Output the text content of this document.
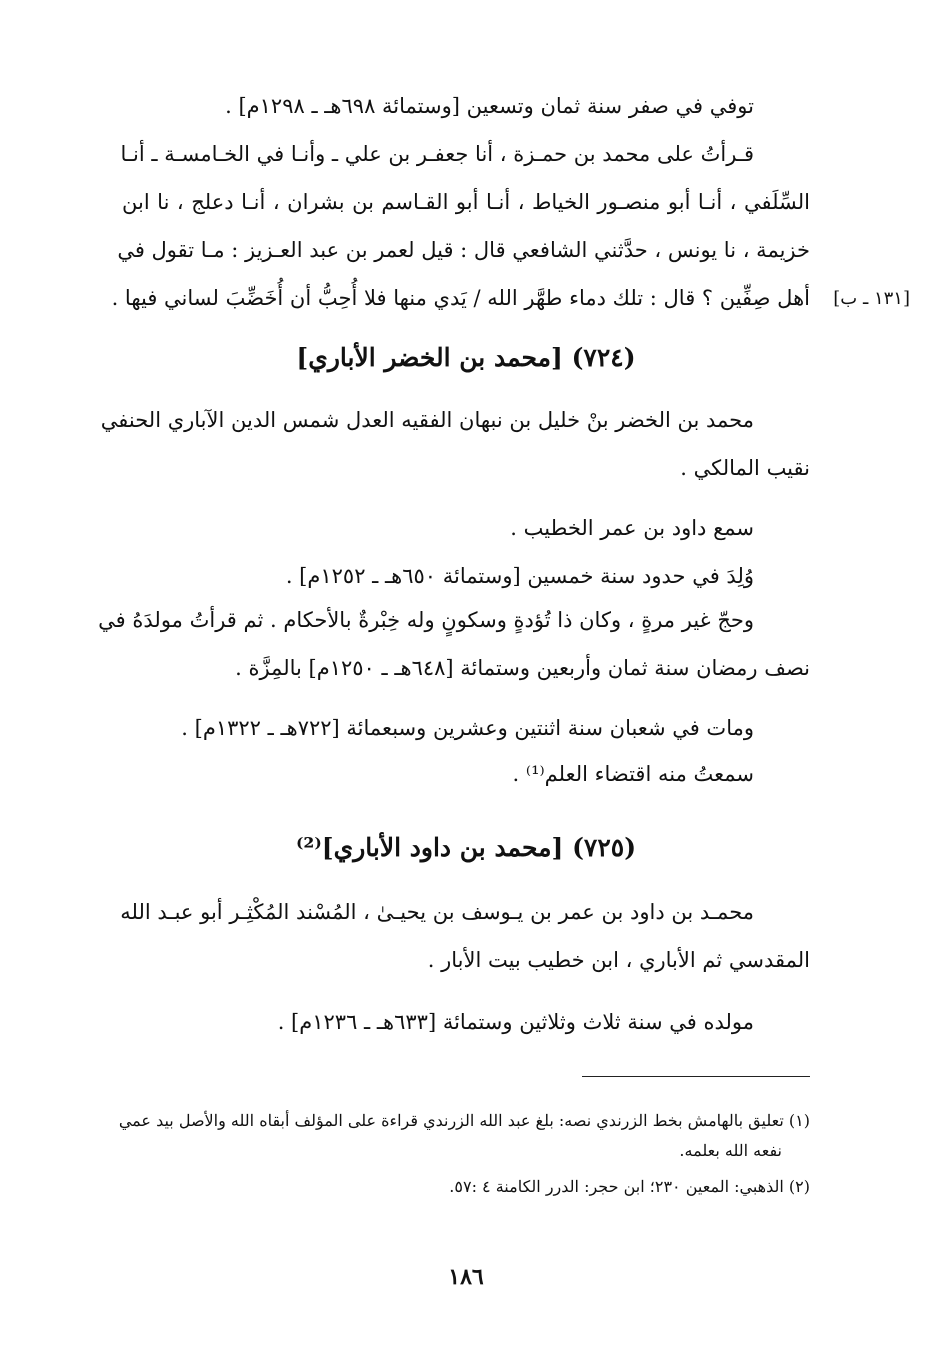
توفي في صفر سنة ثمان وتسعين [وستمائة ٦٩٨هـ ـ ١٢٩٨م] .
قـرأتُ على محمد بن حمـزة ، أنا جعفـر بن علي ـ وأنـا في الخـامسـة ـ أنـا
السِّلَفي ، أنـا أبو منصـور الخياط ، أنـا أبو القـاسم بن بشران ، أنـا دعلج ، نا ابن
خزيمة ، نا يونس ، حدَّثني الشافعي قال : قيل لعمر بن عبد العـزيز : مـا تقول في
أهل صِفِّين ؟ قال : تلك دماء طهَّر الله / يَدي منها فلا أُحِبُّ أن أُخَضِّبَ لساني فيها . [١٣١ ـ ب]
(٧٢٤) [محمد بن الخضر الأباري]
محمد بن الخضر بنْ خليل بن نبهان الفقيه العدل شمس الدين الآباري الحنفي
نقيب المالكي .
سمع داود بن عمر الخطيب .
وُلِدَ في حدود سنة خمسين [وستمائة ٦٥٠هـ ـ ١٢٥٢م] .
وحجّ غير مرةٍ ، وكان ذا تُؤدةٍ وسكونٍ وله خِبْرةٌ بالأحكام . ثم قرأتُ مولدَهُ في
نصف رمضان سنة ثمان وأربعين وستمائة [٦٤٨هـ ـ ١٢٥٠م] بالمِزَّة .
ومات في شعبان سنة اثنتين وعشرين وسبعمائة [٧٢٢هـ ـ ١٣٢٢م] .
سمعتُ منه اقتضاء العلم⁽¹⁾ .
(٧٢٥) [محمد بن داود الأباري]⁽²⁾
محمـد بن داود بن عمر بن يـوسف بن يحيـىٰ ، المُسْند المُكْثِـر أبو عبـد الله
المقدسي ثم الأباري ، ابن خطيب بيت الأبار .
مولده في سنة ثلاث وثلاثين وستمائة [٦٣٣هـ ـ ١٢٣٦م] .
(١) تعليق بالهامش بخط الزرندي نصه: بلغ عبد الله الزرندي قراءة على المؤلف أبقاه الله والأصل بيد عمي
نفعه الله بعلمه.
(٢) الذهبي: المعين ٢٣٠؛ ابن حجر: الدرر الكامنة ٤ :٥٧.
١٨٦
